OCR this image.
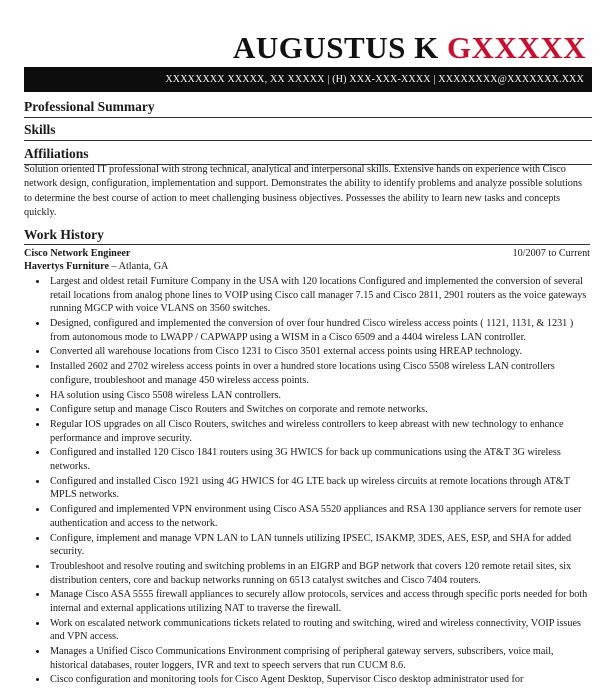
AUGUSTUS K GXXXXX
XXXXXXXX XXXXX, XX XXXXX | (H) XXX-XXX-XXXX | XXXXXXXX@XXXXXXX.XXX
Professional Summary
Skills
Affiliations

Solution oriented IT professional with strong technical, analytical and interpersonal skills. Extensive hands on experience with Cisco network design, configuration, implementation and support. Demonstrates the ability to identify problems and analyze possible solutions to determine the best course of action to meet challenging business objectives. Possesses the ability to learn new tasks and concepts quickly.

Work History
Cisco Network Engineer	10/2007 to Current
Havertys Furniture – Atlanta, GA
• Largest and oldest retail Furniture Company in the USA with 120 locations Configured and implemented the conversion of several retail locations from analog phone lines to VOIP using Cisco call manager 7.15 and Cisco 2811, 2901 routers as the voice gateways running MGCP with voice VLANS on 3560 switches.
• Designed, configured and implemented the conversion of over four hundred Cisco wireless access points ( 1121, 1131, & 1231 ) from autonomous mode to LWAPP / CAPWAPP using a WISM in a Cisco 6509 and a 4404 wireless LAN controller.
• Converted all warehouse locations from Cisco 1231 to Cisco 3501 external access points using HREAP technology.
• Installed 2602 and 2702 wireless access points in over a hundred store locations using Cisco 5508 wireless LAN controllers configure, troubleshoot and manage 450 wireless access points.
• HA solution using Cisco 5508 wireless LAN controllers.
• Configure setup and manage Cisco Routers and Switches on corporate and remote networks.
• Regular IOS upgrades on all Cisco Routers, switches and wireless controllers to keep abreast with new technology to enhance performance and improve security.
• Configured and installed 120 Cisco 1841 routers using 3G HWICS for back up communications using the AT&T 3G wireless networks.
• Configured and installed Cisco 1921 using 4G HWICS for 4G LTE back up wireless circuits at remote locations through AT&T MPLS networks.
• Configured and implemented VPN environment using Cisco ASA 5520 appliances and RSA 130 appliance servers for remote user authentication and access to the network.
• Configure, implement and manage VPN LAN to LAN tunnels utilizing IPSEC, ISAKMP, 3DES, AES, ESP, and SHA for added security.
• Troubleshoot and resolve routing and switching problems in an EIGRP and BGP network that covers 120 remote retail sites, six distribution centers, core and backup networks running on 6513 catalyst switches and Cisco 7404 routers.
• Manage Cisco ASA 5555 firewall appliances to securely allow protocols, services and access through specific ports needed for both internal and external applications utilizing NAT to traverse the firewall.
• Work on escalated network communications tickets related to routing and switching, wired and wireless connectivity, VOIP issues and VPN access.
• Manages a Unified Cisco Communications Environment comprising of peripheral gateway servers, subscribers, voice mail, historical databases, router loggers, IVR and text to speech servers that run CUCM 8.6.
• Cisco configuration and monitoring tools for Cisco Agent Desktop, Supervisor Cisco desktop administrator used for
